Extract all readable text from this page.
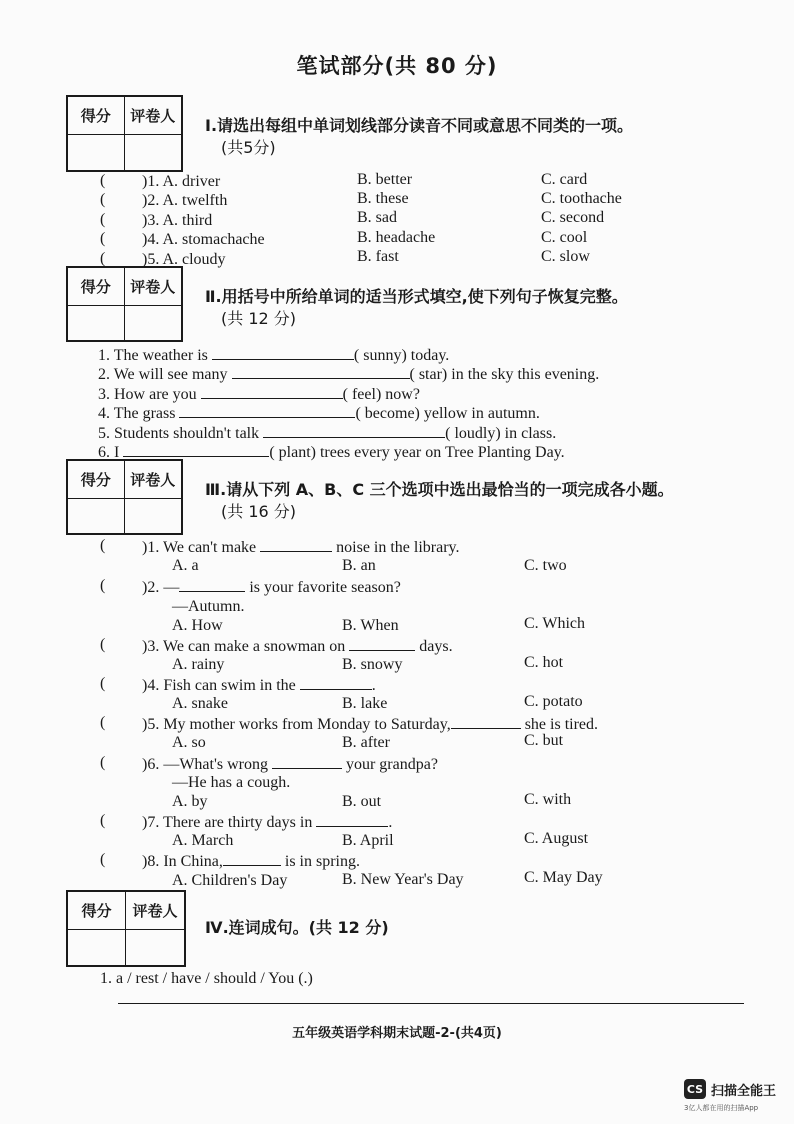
笔试部分(共 80 分)
得分	评卷人	Ⅰ.请选出每组中单词划线部分读音不同或意思不同类的一项。
(共5分)
( )1. A. driver	B. better	C. card
( )2. A. twelfth	B. these	C. toothache
( )3. A. third	B. sad	C. second
( )4. A. stomachache	B. headache	C. cool
( )5. A. cloudy	B. fast	C. slow
得分	评卷人	Ⅱ.用括号中所给单词的适当形式填空,使下列句子恢复完整。
(共 12 分)
1. The weather is	( sunny) today.
2. We will see many	( star) in the sky this evening.
3. How are you	( feel) now?
4. The grass	( become) yellow in autumn.
5. Students shouldn't talk	( loudly) in class.
6. I	( plant) trees every year on Tree Planting Day.
得分	评卷人	Ⅲ.请从下列 A、B、C 三个选项中选出最恰当的一项完成各小题。
(共 16 分)
( )1. We can't make	noise in the library.
A. a	B. an	C. two
( )2. —	is your favorite season?
—Autumn.
A. How	B. When	C. Which
( )3. We can make a snowman on	days.
A. rainy	B. snowy	C. hot
( )4. Fish can swim in the	.
A. snake	B. lake	C. potato
( )5. My mother works from Monday to Saturday,	she is tired.
A. so	B. after	C. but
( )6. —What's wrong	your grandpa?
—He has a cough.
A. by	B. out	C. with
( )7. There are thirty days in	.
A. March	B. April	C. August
( )8. In China,	is in spring.
A. Children's Day	B. New Year's Day	C. May Day
得分	评卷人
Ⅳ.连词成句。(共 12 分)
1. a / rest / have / should / You (.)
五年级英语学科期末试题-2-(共4页)
CS 扫描全能王
3亿人都在用的扫描App
